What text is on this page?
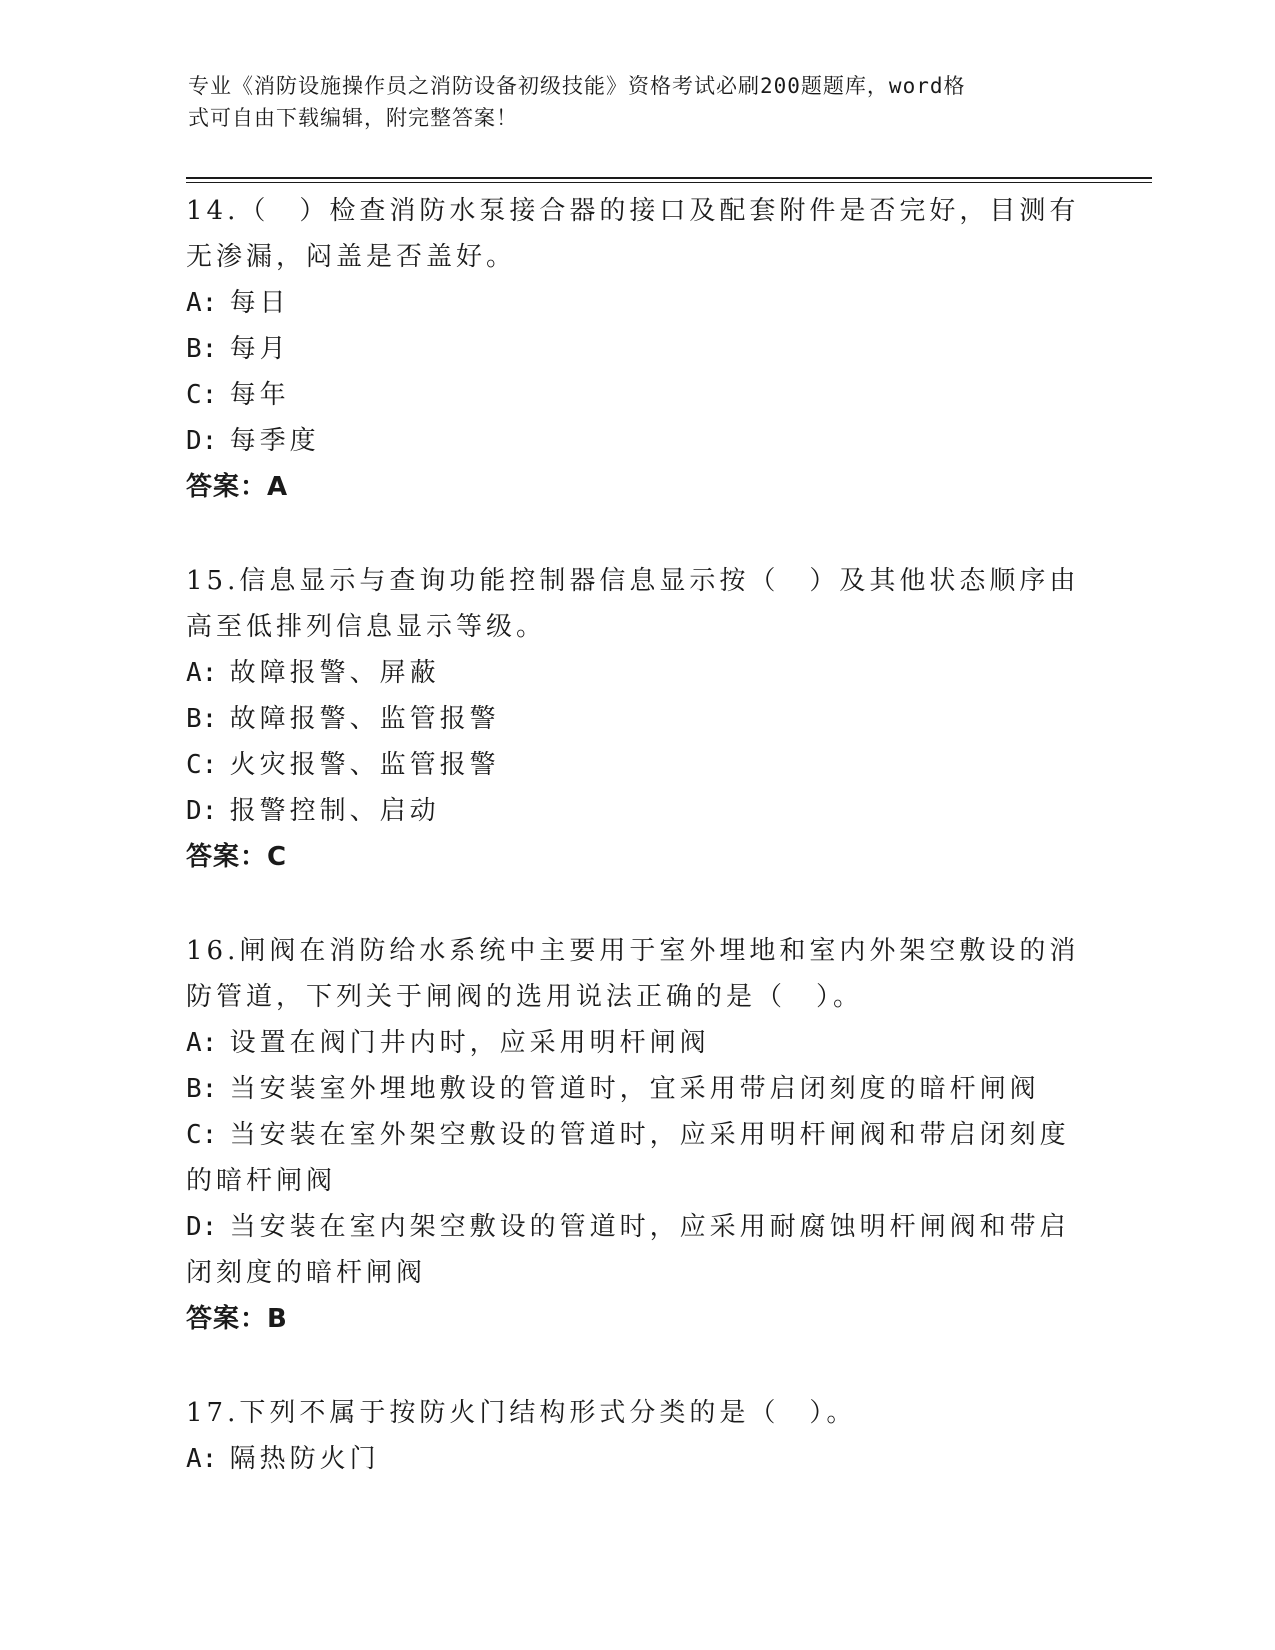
专业《消防设施操作员之消防设备初级技能》资格考试必刷200题题库，word格
式可自由下载编辑，附完整答案！
14.（　）检查消防水泵接合器的接口及配套附件是否完好，目测有无渗漏，闷盖是否盖好。
A: 每日
B: 每月
C: 每年
D: 每季度
答案：A
15.信息显示与查询功能控制器信息显示按（　）及其他状态顺序由高至低排列信息显示等级。
A: 故障报警、屏蔽
B: 故障报警、监管报警
C: 火灾报警、监管报警
D: 报警控制、启动
答案：C
16.闸阀在消防给水系统中主要用于室外埋地和室内外架空敷设的消防管道，下列关于闸阀的选用说法正确的是（　）。
A: 设置在阀门井内时，应采用明杆闸阀
B: 当安装室外埋地敷设的管道时，宜采用带启闭刻度的暗杆闸阀
C: 当安装在室外架空敷设的管道时，应采用明杆闸阀和带启闭刻度的暗杆闸阀
D: 当安装在室内架空敷设的管道时，应采用耐腐蚀明杆闸阀和带启闭刻度的暗杆闸阀
答案：B
17.下列不属于按防火门结构形式分类的是（　）。
A: 隔热防火门
